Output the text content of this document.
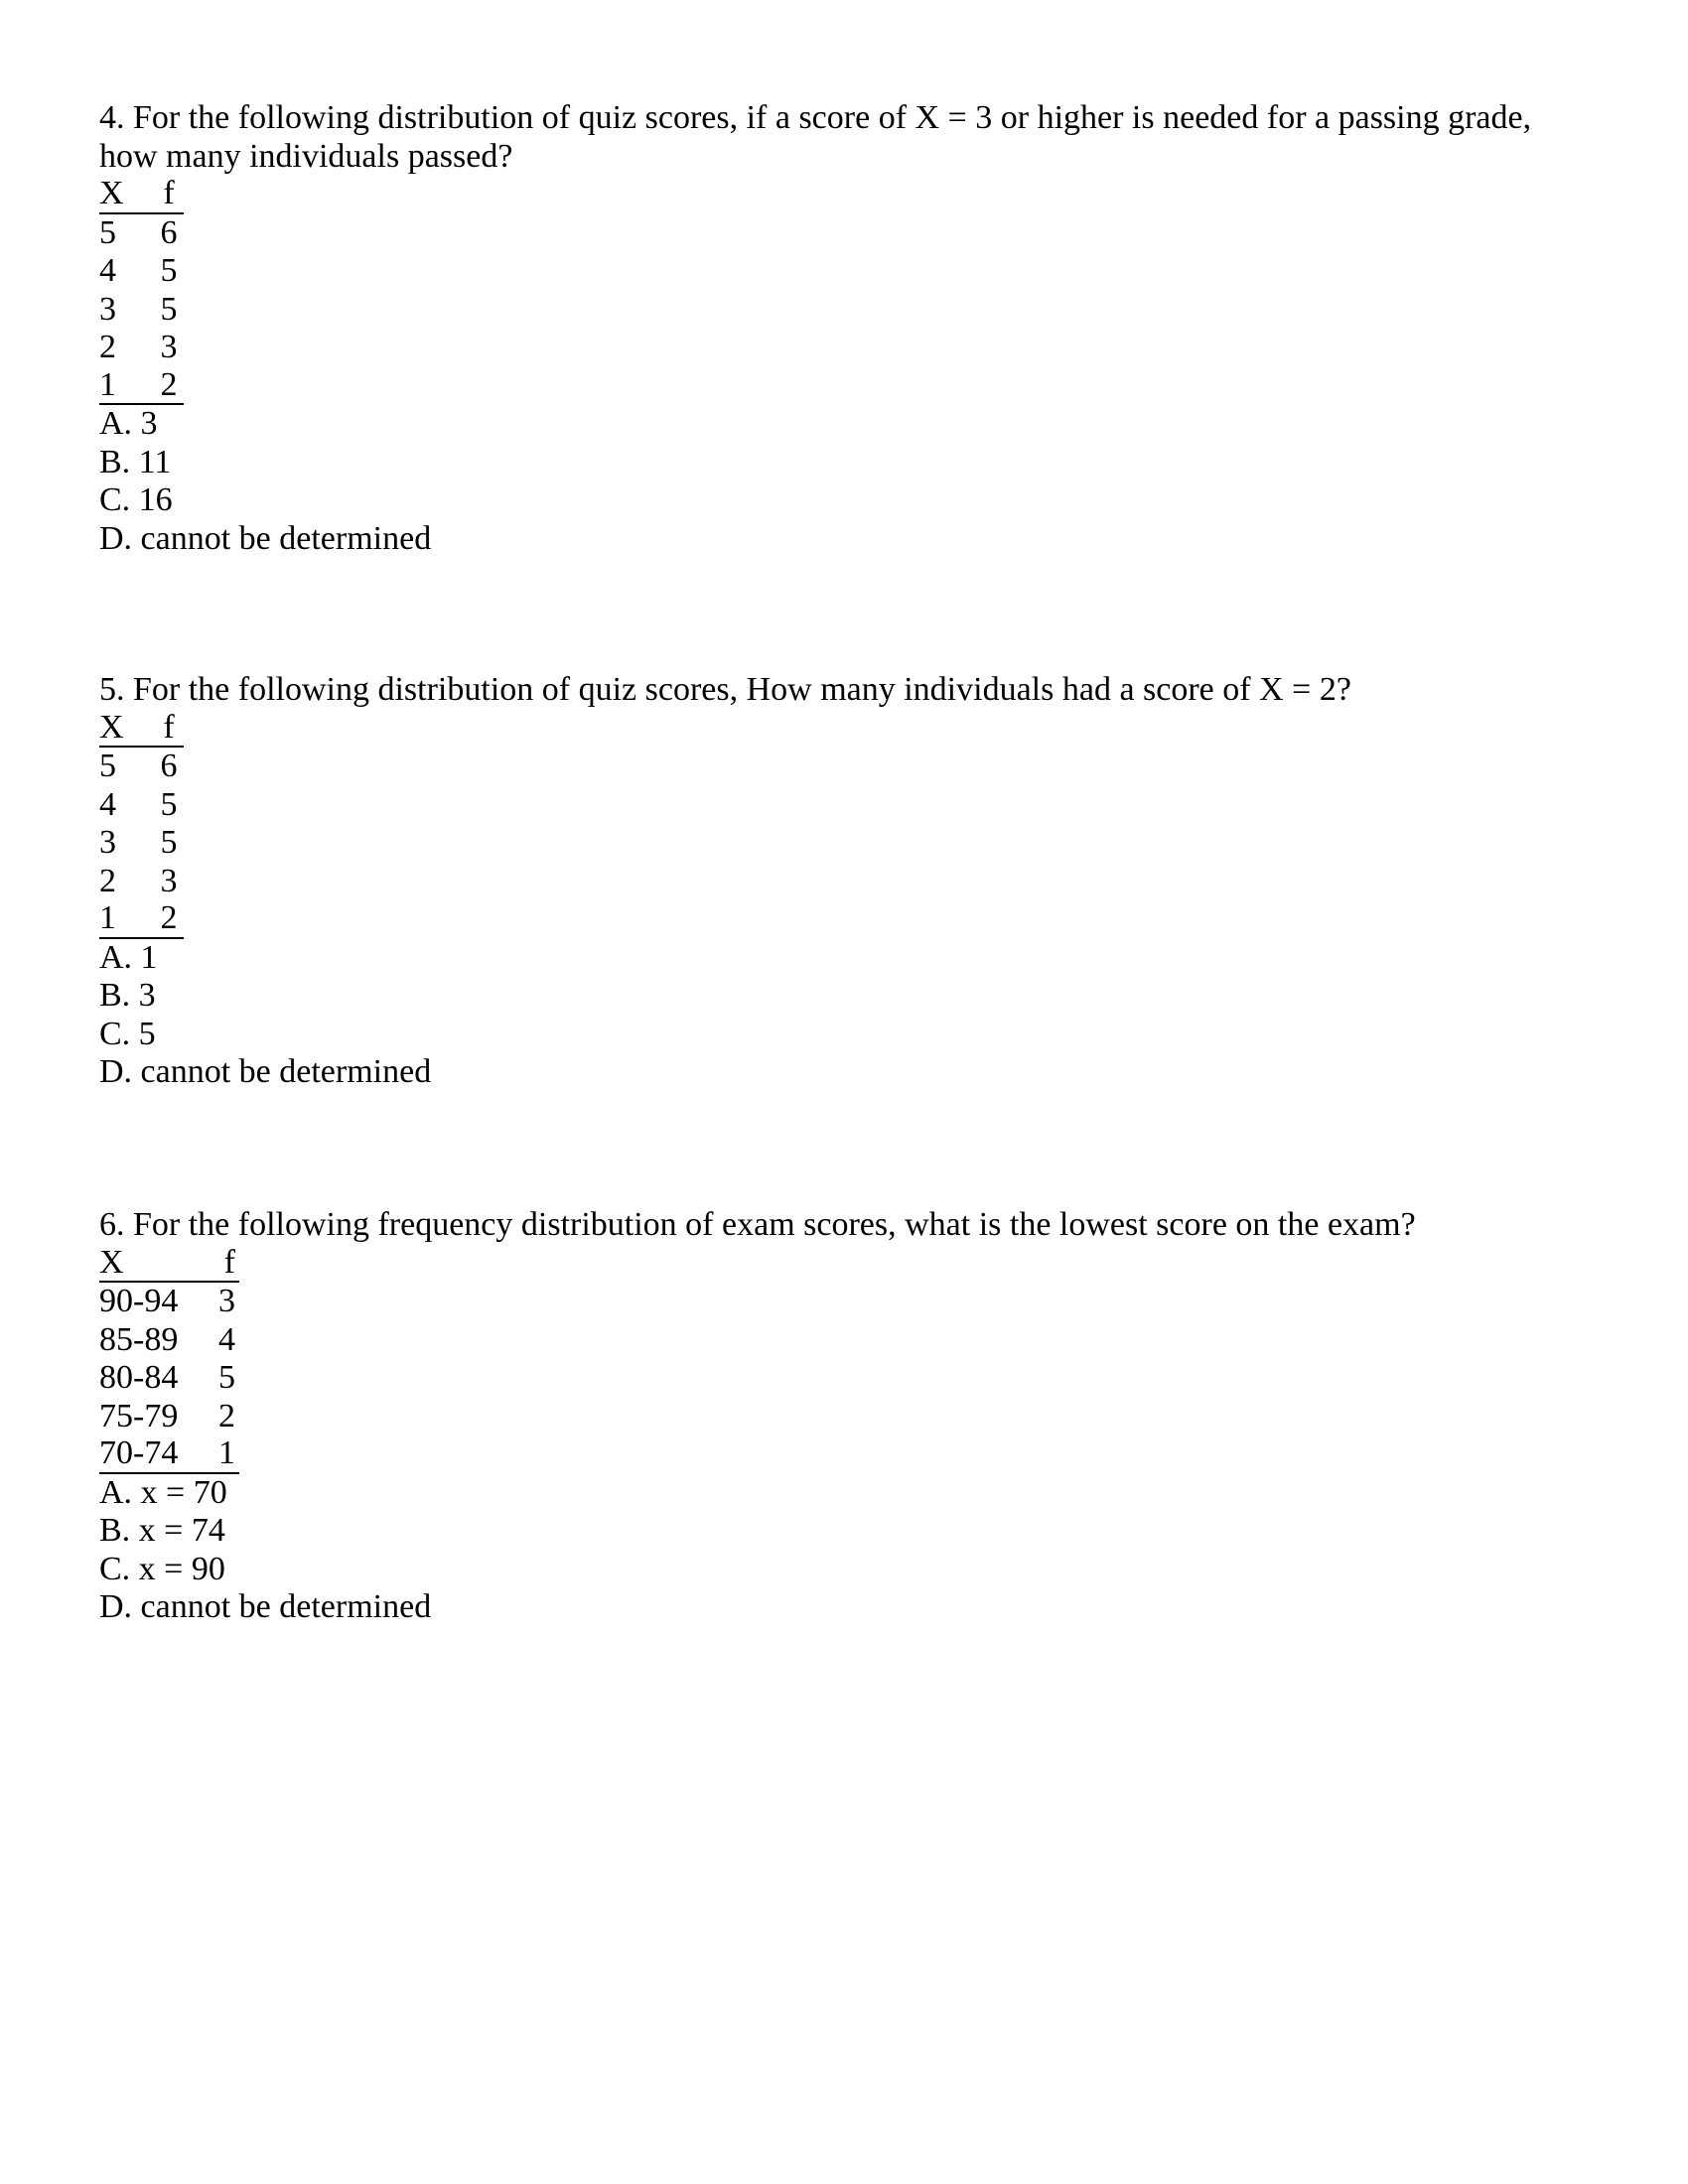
4. For the following distribution of quiz scores, if a score of X = 3 or higher is needed for a passing grade, how many individuals passed?

X	f
5	6
4	5
3	5
2	3
1	2

A. 3

B. 11

C. 16

D. cannot be determined

5. For the following distribution of quiz scores, How many individuals had a score of X = 2?

X	f
5	6
4	5
3	5
2	3
1	2

A. 1

B. 3

C. 5

D. cannot be determined

6. For the following frequency distribution of exam scores, what is the lowest score on the exam?

X	f
90-94	3
85-89	4
80-84	5
75-79	2
70-74	1

A. x = 70

B. x = 74

C. x = 90

D. cannot be determined
